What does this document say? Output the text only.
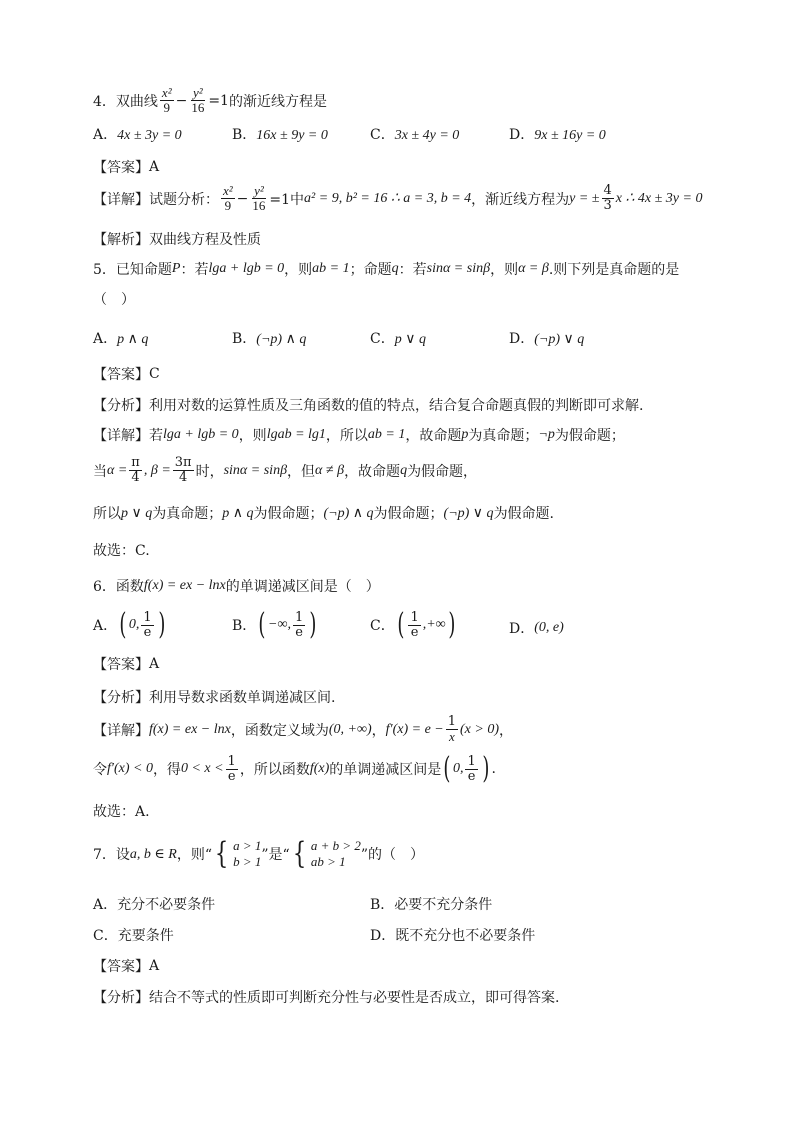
4． 双曲线 $\frac{\text{x²}}{9} - \frac{\text{y²}}{16} =1$ 的渐近线方程是
A．4x ± 3y = 0	B．16x ± 9y = 0	C．3x ± 4y = 0	D．9x ± 16y = 0
【答案】 A
【详解】 试题分析： $\frac{\text{x²}}{9} - \frac{\text{y²}}{16} =1$中 a² = 9, b² = 16 ∴ a = 3, b = 4 ，渐近线方程为 y = ± $\frac{4}{3}$ x ∴ 4x ± 3y = 0
【解析】 双曲线方程及性质
5． 已知命题 P ：若 lga + lgb = 0 ，则 ab = 1 ；命题 q ：若 sinα = sinβ ，则 α = β .则下列是真命题的是
（　）
A．p ∧ q	B．(¬p) ∧ q	C．p ∨ q	D．(¬p) ∨ q
【答案】 C
【分析】 利用对数的运算性质及三角函数的值的特点，结合复合命题真假的判断即可求解.
【详解】 若 lga + lgb = 0 ，则 lgab = lg1 ，所以 ab = 1 ，故命题 p 为真命题； ¬p 为假命题；
当 $\alpha = \frac{\pi}{4}$ , $\beta = \frac{3\pi}{4}$ 时， sinα = sinβ ，但 α ≠ β ，故命题 q 为假命题，
所以 p ∨ q 为真命题； p ∧ q 为假命题； (¬p) ∧ q 为假命题； (¬p) ∨ q 为假命题.
故选：C.
6． 函数 f(x) = ex − lnx 的单调递减区间是（　）
A． ( 0, $\frac{1}{e}$ )	B． ( −∞, $\frac{1}{e}$ )	C． ( $\frac{1}{e}$ ,+∞ )	D． (0, e)
【答案】 A
【分析】 利用导数求函数单调递减区间.
【详解】 f(x) = ex − lnx ，函数定义域为 (0, +∞) ， $f'(x) = e - \frac{1}{x} (x > 0)$ ，
令 f′(x) < 0 ，得 $0 < x < \frac{1}{e}$ ，所以函数 f(x) 的单调递减区间是 ( 0, $\frac{1}{e}$ ) .
故选：A.
7． 设 a, b ∈ R ，则“ { a > 1
b > 1 ”是“ { a + b > 2
ab > 1	”的（　）
A．充分不必要条件	B．必要不充分条件
C．充要条件	D．既不充分也不必要条件
【答案】 A
【分析】 结合不等式的性质即可判断充分性与必要性是否成立，即可得答案.
